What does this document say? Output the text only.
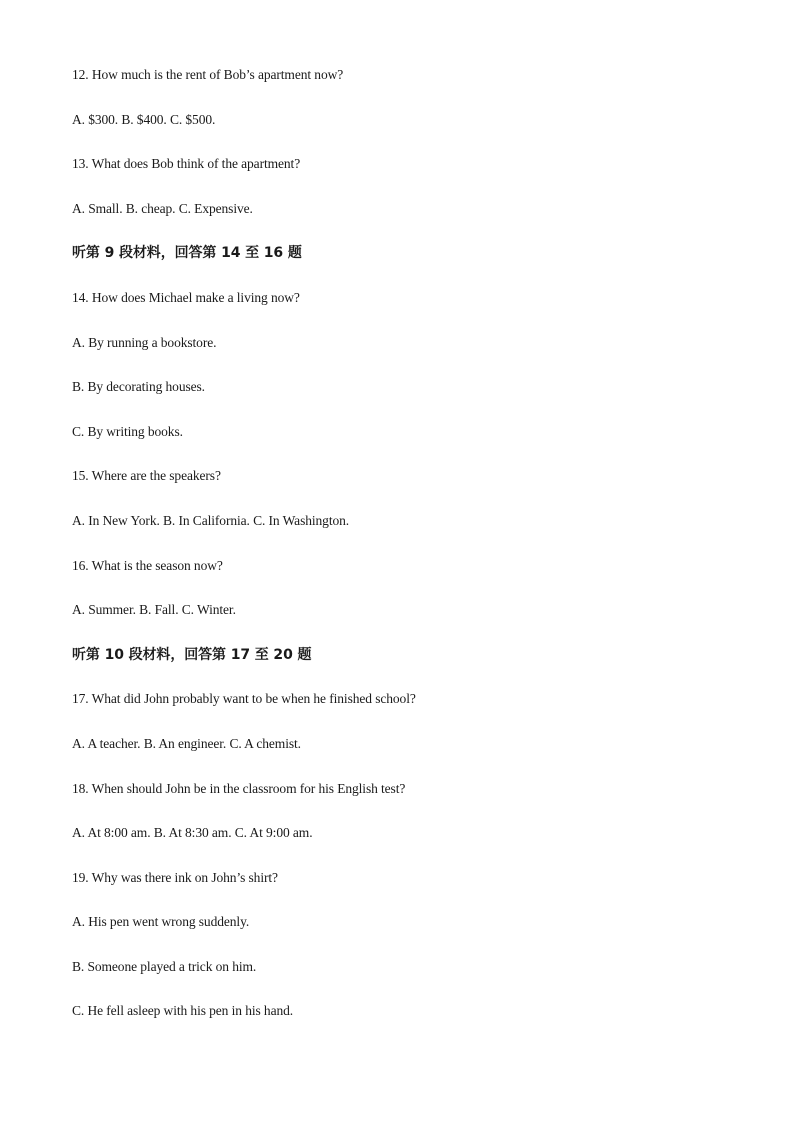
12. How much is the rent of Bob’s apartment now?
A. $300. B. $400. C. $500.
13. What does Bob think of the apartment?
A. Small. B. cheap. C. Expensive.
听第 9 段材料，回答第 14 至 16 题
14. How does Michael make a living now?
A. By running a bookstore.
B. By decorating houses.
C. By writing books.
15. Where are the speakers?
A. In New York. B. In California. C. In Washington.
16. What is the season now?
A. Summer. B. Fall. C. Winter.
听第 10 段材料，回答第 17 至 20 题
17. What did John probably want to be when he finished school?
A. A teacher. B. An engineer. C. A chemist.
18. When should John be in the classroom for his English test?
A. At 8:00 am. B. At 8:30 am. C. At 9:00 am.
19. Why was there ink on John’s shirt?
A. His pen went wrong suddenly.
B. Someone played a trick on him.
C. He fell asleep with his pen in his hand.
